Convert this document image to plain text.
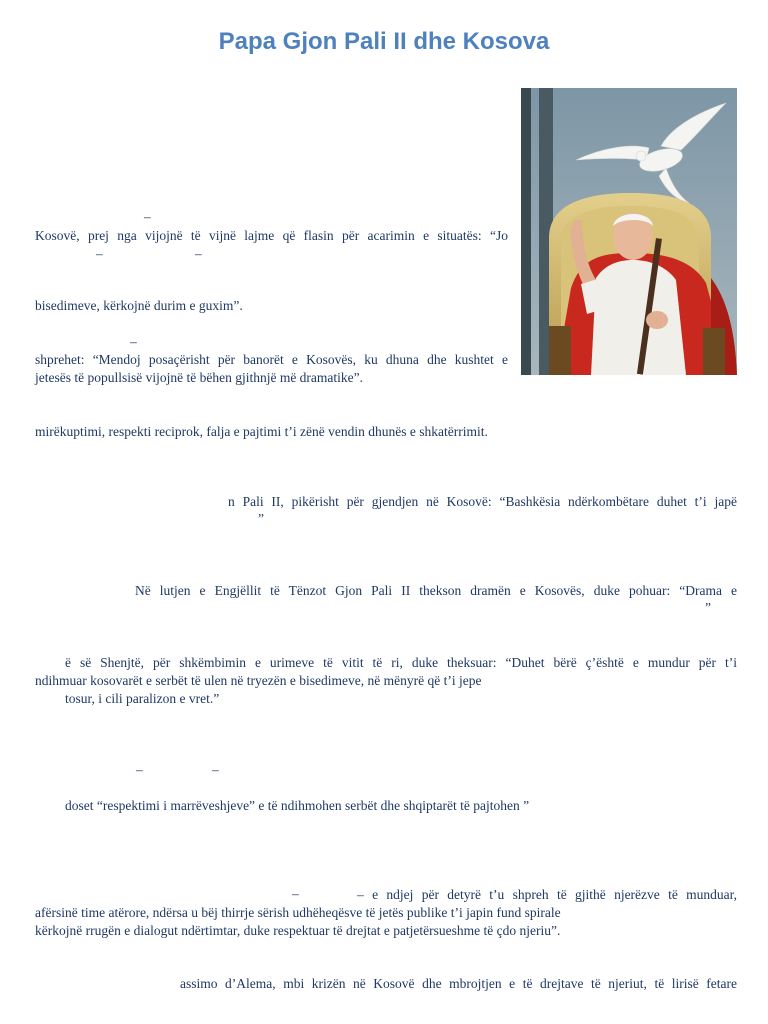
Papa Gjon Pali II dhe Kosova
–
–	–
–
–	–
–
Kosovë, prej nga vijojnë të vijnë lajme që flasin për acarimin e situatës: “Jo
bisedimeve, kërkojnë durim e guxim”.
shprehet: “Mendoj posaçërisht për banorët e Kosovës, ku dhuna dhe kushtet e
jetesës të popullsisë vijojnë të bëhen gjithnjë më dramatike”.
mirëkuptimi, respekti reciprok, falja e pajtimi t’i zënë vendin dhunës e shkatërrimit.
n Pali II, pikërisht për gjendjen në Kosovë: “Bashkësia ndërkombëtare duhet t’i japë
”
Në lutjen e Engjëllit të Tënzot Gjon Pali II thekson dramën e Kosovës, duke pohuar: “Drama e
”
ë së Shenjtë, për shkëmbimin e urimeve të vitit të ri, duke theksuar: “Duhet bërë ç’është e mundur për t’i
ndihmuar kosovarët e serbët të ulen në tryezën e bisedimeve, në mënyrë që t’i jepe
tosur, i cili paralizon e vret.”
doset “respektimi i marrëveshjeve” e të ndihmohen serbët dhe shqiptarët të pajtohen ”
– e ndjej për detyrë t’u shpreh të gjithë njerëzve të munduar,
afërsinë time atërore, ndërsa u bëj thirrje sërish udhëheqësve të jetës publike t’i japin fund spirale
kërkojnë rrugën e dialogut ndërtimtar, duke respektuar të drejtat e patjetërsueshme të çdo njeriu”.
assimo d’Alema, mbi krizën në Kosovë dhe mbrojtjen e të drejtave të njeriut, të lirisë fetare
